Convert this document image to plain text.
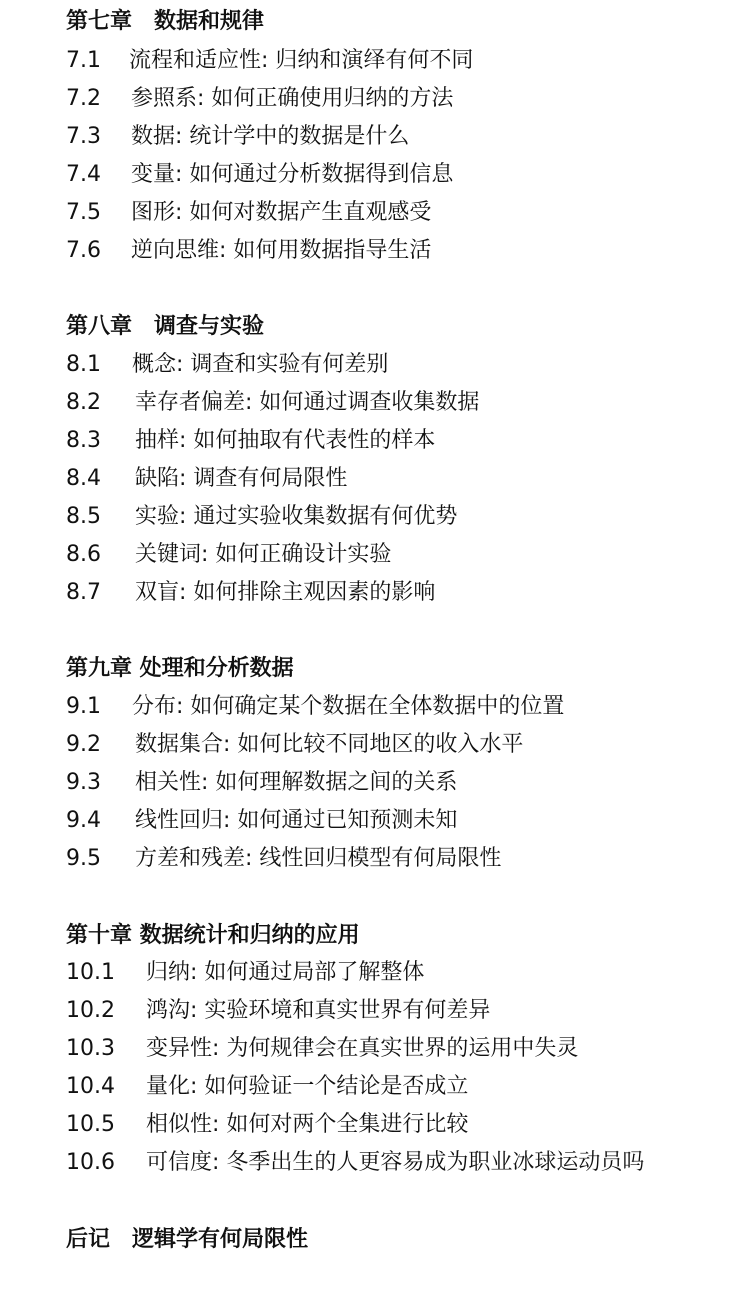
第七章　数据和规律
7.1 流程和适应性: 归纳和演绎有何不同
7.2 参照系: 如何正确使用归纳的方法
7.3 数据: 统计学中的数据是什么
7.4 变量: 如何通过分析数据得到信息
7.5 图形: 如何对数据产生直观感受
7.6 逆向思维: 如何用数据指导生活
第八章　调查与实验
8.1 概念: 调查和实验有何差别
8.2 幸存者偏差: 如何通过调查收集数据
8.3 抽样: 如何抽取有代表性的样本
8.4 缺陷: 调查有何局限性
8.5 实验: 通过实验收集数据有何优势
8.6 关键词: 如何正确设计实验
8.7 双盲: 如何排除主观因素的影响
第九章 处理和分析数据
9.1 分布: 如何确定某个数据在全体数据中的位置
9.2 数据集合: 如何比较不同地区的收入水平
9.3 相关性: 如何理解数据之间的关系
9.4 线性回归: 如何通过已知预测未知
9.5 方差和残差: 线性回归模型有何局限性
第十章 数据统计和归纳的应用
10.1 归纳: 如何通过局部了解整体
10.2 鸿沟: 实验环境和真实世界有何差异
10.3 变异性: 为何规律会在真实世界的运用中失灵
10.4 量化: 如何验证一个结论是否成立
10.5 相似性: 如何对两个全集进行比较
10.6 可信度: 冬季出生的人更容易成为职业冰球运动员吗
后记　逻辑学有何局限性
